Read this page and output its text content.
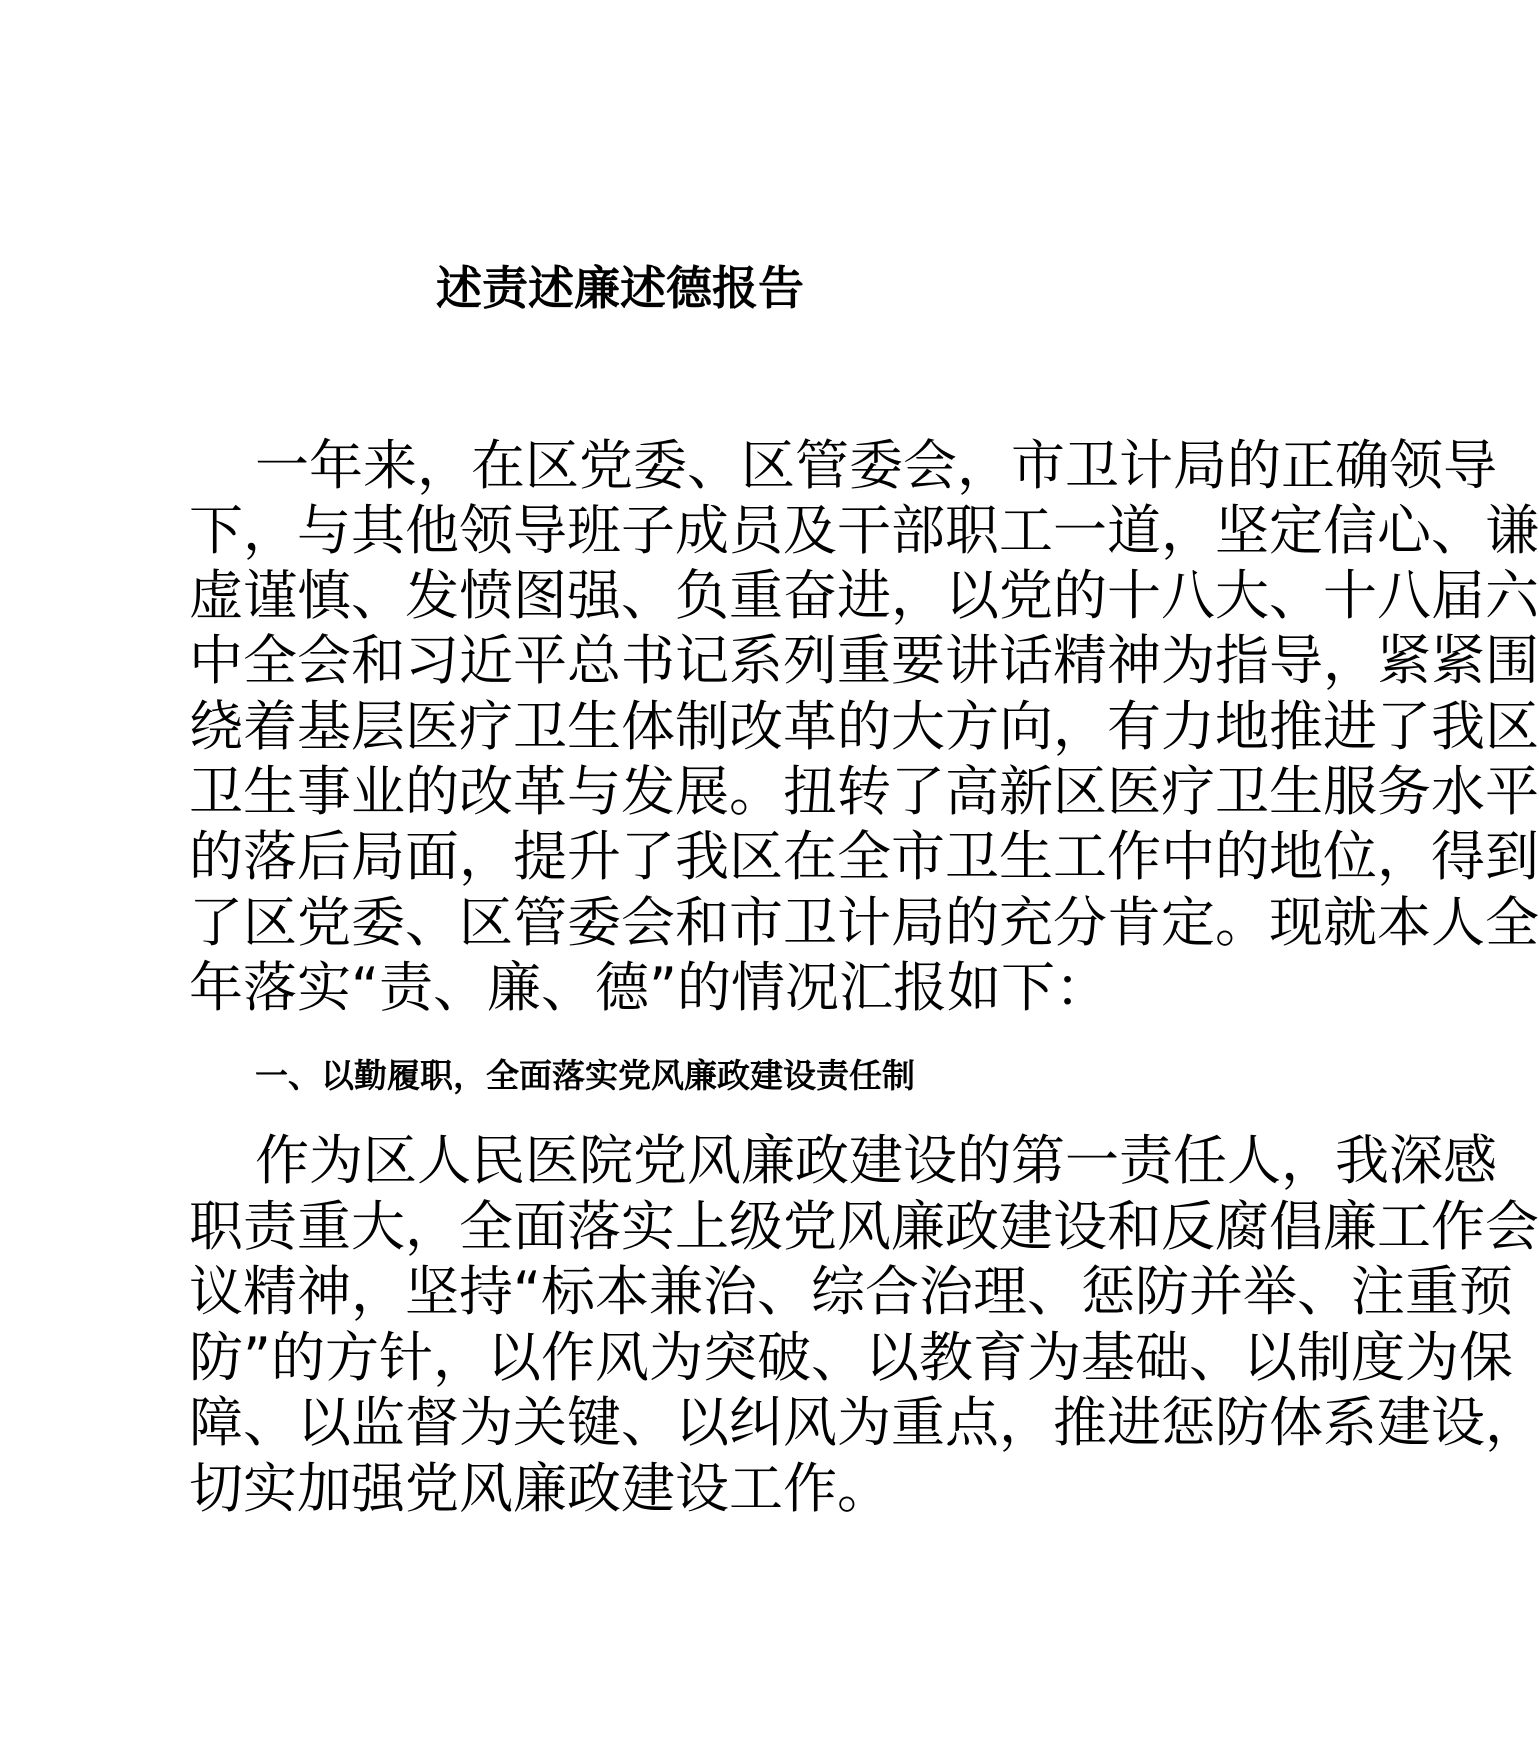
述责述廉述德报告
一年来，在区党委、区管委会，市卫计局的正确领导
下，与其他领导班子成员及干部职工一道，坚定信心、谦
虚谨慎、发愤图强、负重奋进，以党的十八大、十八届六
中全会和习近平总书记系列重要讲话精神为指导，紧紧围
绕着基层医疗卫生体制改革的大方向，有力地推进了我区
卫生事业的改革与发展。扭转了高新区医疗卫生服务水平
的落后局面，提升了我区在全市卫生工作中的地位，得到
了区党委、区管委会和市卫计局的充分肯定。现就本人全
年落实“责、廉、德”的情况汇报如下：
一、以勤履职，全面落实党风廉政建设责任制
作为区人民医院党风廉政建设的第一责任人，我深感
职责重大，全面落实上级党风廉政建设和反腐倡廉工作会
议精神，坚持“标本兼治、综合治理、惩防并举、注重预
防”的方针，以作风为突破、以教育为基础、以制度为保
障、以监督为关键、以纠风为重点，推进惩防体系建设，
切实加强党风廉政建设工作。
